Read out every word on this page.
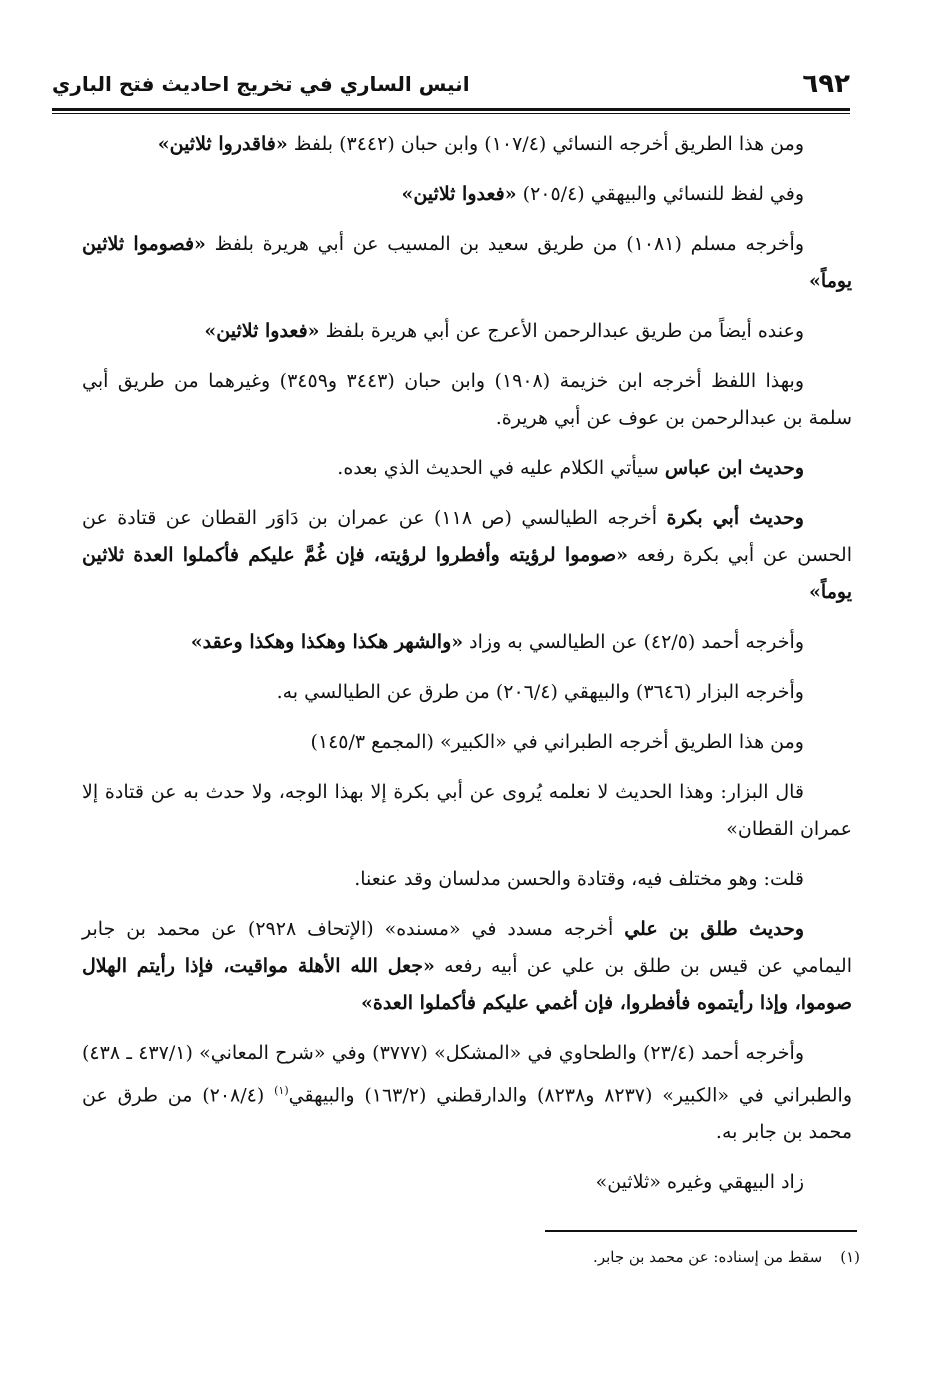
٦٩٢
انيس الساري في تخريج احاديث فتح الباري

ومن هذا الطريق أخرجه النسائي (١٠٧/٤) وابن حبان (٣٤٤٢) بلفظ «فاقدروا ثلاثين»

وفي لفظ للنسائي والبيهقي (٢٠٥/٤) «فعدوا ثلاثين»

وأخرجه مسلم (١٠٨١) من طريق سعيد بن المسيب عن أبي هريرة بلفظ «فصوموا ثلاثين يوماً»

وعنده أيضاً من طريق عبدالرحمن الأعرج عن أبي هريرة بلفظ «فعدوا ثلاثين»

وبهذا اللفظ أخرجه ابن خزيمة (١٩٠٨) وابن حبان (٣٤٤٣ و٣٤٥٩) وغيرهما من طريق أبي سلمة بن عبدالرحمن بن عوف عن أبي هريرة.

وحديث ابن عباس سيأتي الكلام عليه في الحديث الذي بعده.

وحديث أبي بكرة أخرجه الطيالسي (ص ١١٨) عن عمران بن دَاوَر القطان عن قتادة عن الحسن عن أبي بكرة رفعه «صوموا لرؤيته وأفطروا لرؤيته، فإن غُمَّ عليكم فأكملوا العدة ثلاثين يوماً»

وأخرجه أحمد (٤٢/٥) عن الطيالسي به وزاد «والشهر هكذا وهكذا وهكذا وعقد»

وأخرجه البزار (٣٦٤٦) والبيهقي (٢٠٦/٤) من طرق عن الطيالسي به.

ومن هذا الطريق أخرجه الطبراني في «الكبير» (المجمع ١٤٥/٣)

قال البزار: وهذا الحديث لا نعلمه يُروى عن أبي بكرة إلا بهذا الوجه، ولا حدث به عن قتادة إلا عمران القطان»

قلت: وهو مختلف فيه، وقتادة والحسن مدلسان وقد عنعنا.

وحديث طلق بن علي أخرجه مسدد في «مسنده» (الإتحاف ٢٩٢٨) عن محمد بن جابر اليمامي عن قيس بن طلق بن علي عن أبيه رفعه «جعل الله الأهلة مواقيت، فإذا رأيتم الهلال صوموا، وإذا رأيتموه فأفطروا، فإن أغمي عليكم فأكملوا العدة»

وأخرجه أحمد (٢٣/٤) والطحاوي في «المشكل» (٣٧٧٧) وفي «شرح المعاني» (٤٣٧/١ ـ ٤٣٨) والطبراني في «الكبير» (٨٢٣٧ و٨٢٣٨) والدارقطني (١٦٣/٢) والبيهقي$^{(١)}$ (٢٠٨/٤) من طرق عن محمد بن جابر به.

زاد البيهقي وغيره «ثلاثين»

(١)سقط من إسناده: عن محمد بن جابر.
